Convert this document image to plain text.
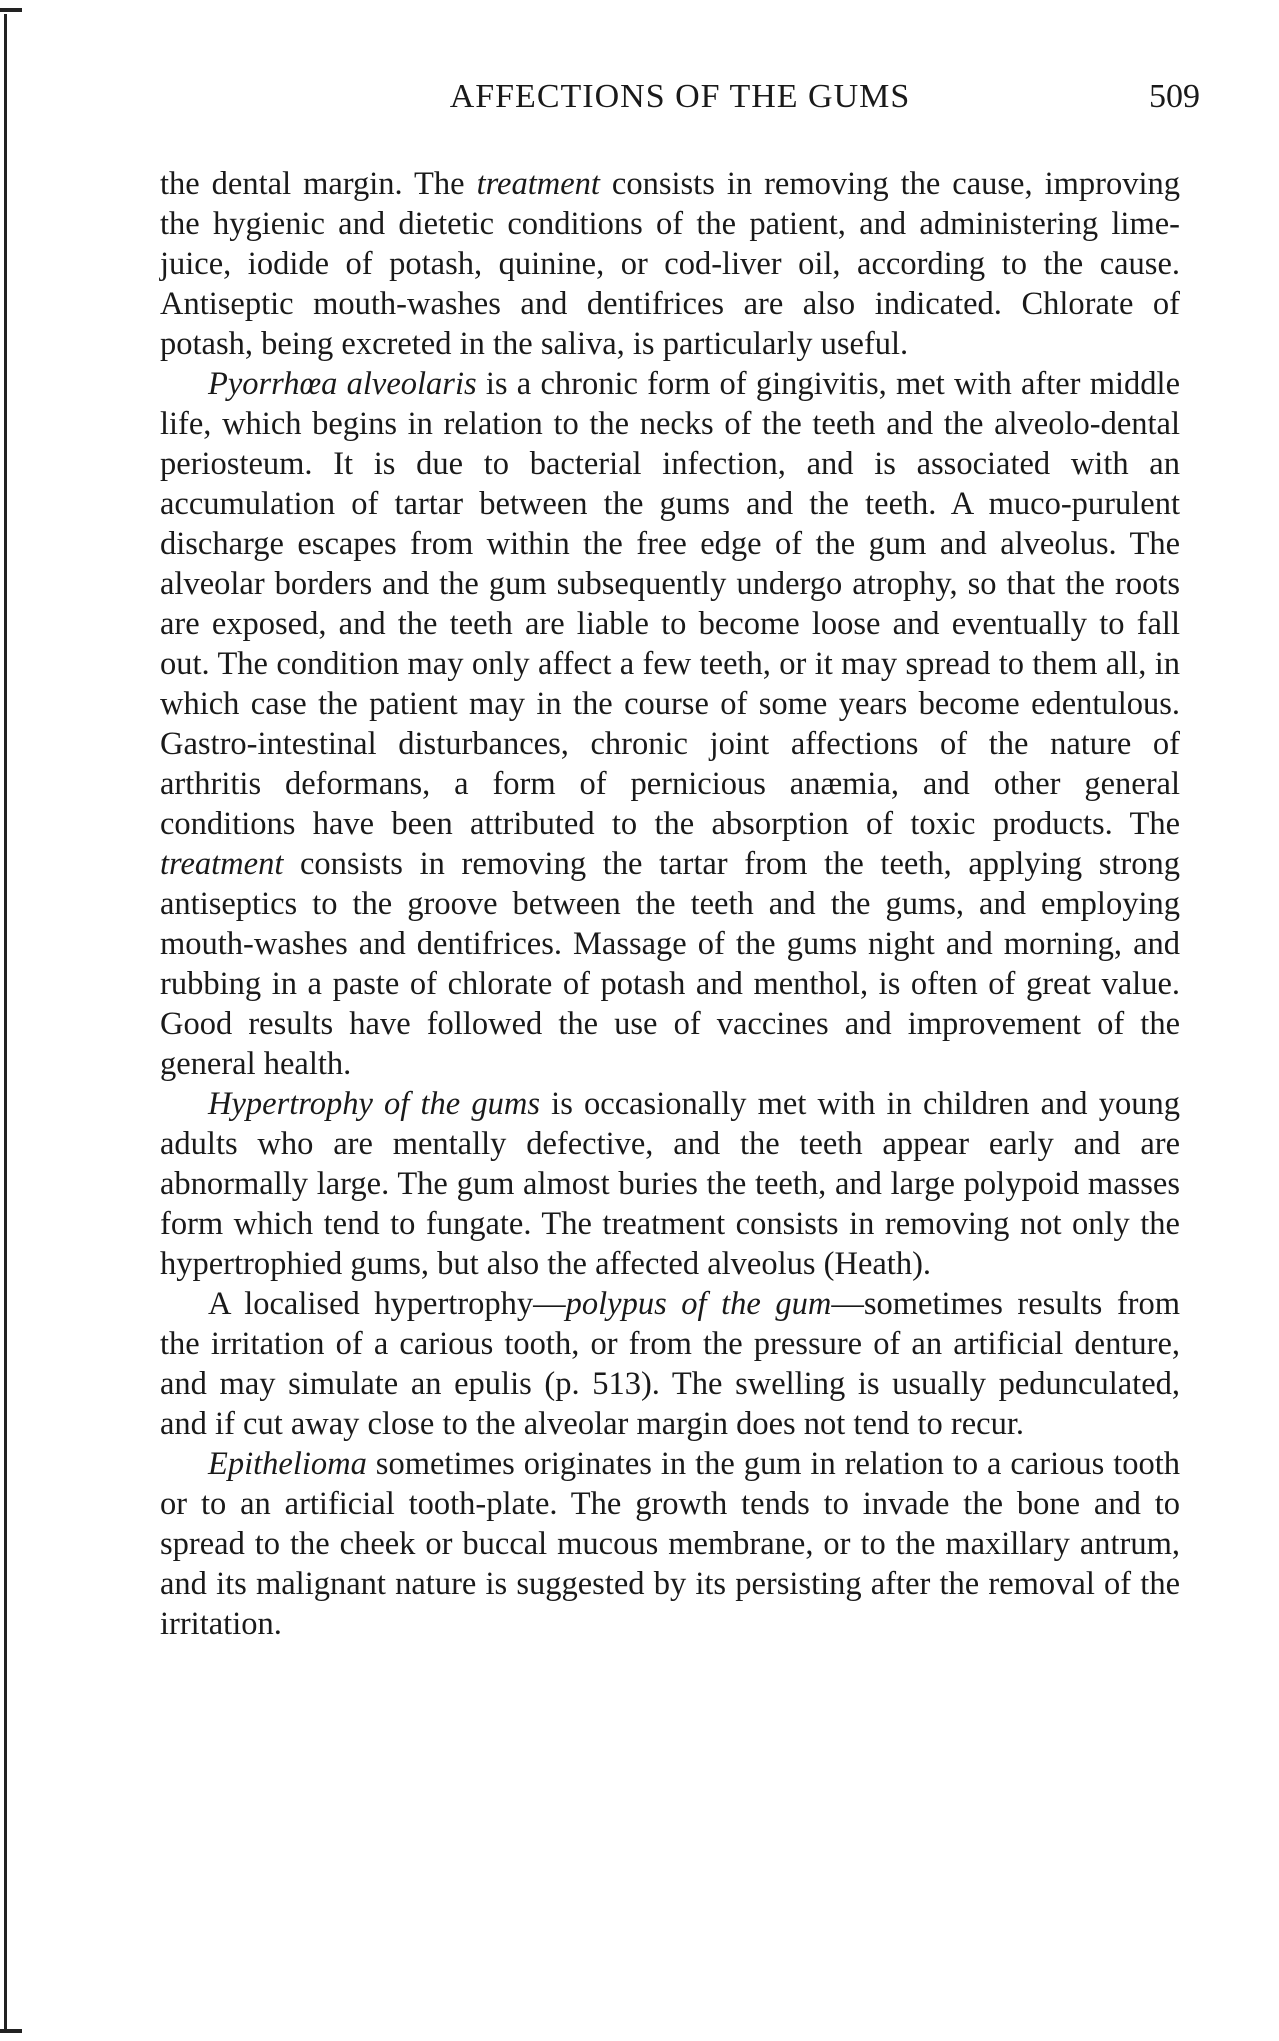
AFFECTIONS OF THE GUMS	509

the dental margin. The treatment consists in removing the cause, improving the hygienic and dietetic conditions of the patient, and administering lime-juice, iodide of potash, quinine, or cod-liver oil, according to the cause. Antiseptic mouth-washes and dentifrices are also indicated. Chlorate of potash, being excreted in the saliva, is particularly useful.

Pyorrhœa alveolaris is a chronic form of gingivitis, met with after middle life, which begins in relation to the necks of the teeth and the alveolo-dental periosteum. It is due to bacterial infection, and is associated with an accumulation of tartar between the gums and the teeth. A muco-purulent discharge escapes from within the free edge of the gum and alveolus. The alveolar borders and the gum subsequently undergo atrophy, so that the roots are exposed, and the teeth are liable to become loose and eventually to fall out. The condition may only affect a few teeth, or it may spread to them all, in which case the patient may in the course of some years become edentulous. Gastro-intestinal disturbances, chronic joint affections of the nature of arthritis deformans, a form of pernicious anæmia, and other general conditions have been attributed to the absorption of toxic products. The treatment consists in removing the tartar from the teeth, applying strong antiseptics to the groove between the teeth and the gums, and employing mouth-washes and dentifrices. Massage of the gums night and morning, and rubbing in a paste of chlorate of potash and menthol, is often of great value. Good results have followed the use of vaccines and improvement of the general health.

Hypertrophy of the gums is occasionally met with in children and young adults who are mentally defective, and the teeth appear early and are abnormally large. The gum almost buries the teeth, and large polypoid masses form which tend to fungate. The treatment consists in removing not only the hypertrophied gums, but also the affected alveolus (Heath).

A localised hypertrophy—polypus of the gum—sometimes results from the irritation of a carious tooth, or from the pressure of an artificial denture, and may simulate an epulis (p. 513). The swelling is usually pedunculated, and if cut away close to the alveolar margin does not tend to recur.

Epithelioma sometimes originates in the gum in relation to a carious tooth or to an artificial tooth-plate. The growth tends to invade the bone and to spread to the cheek or buccal mucous membrane, or to the maxillary antrum, and its malignant nature is suggested by its persisting after the removal of the irritation.
